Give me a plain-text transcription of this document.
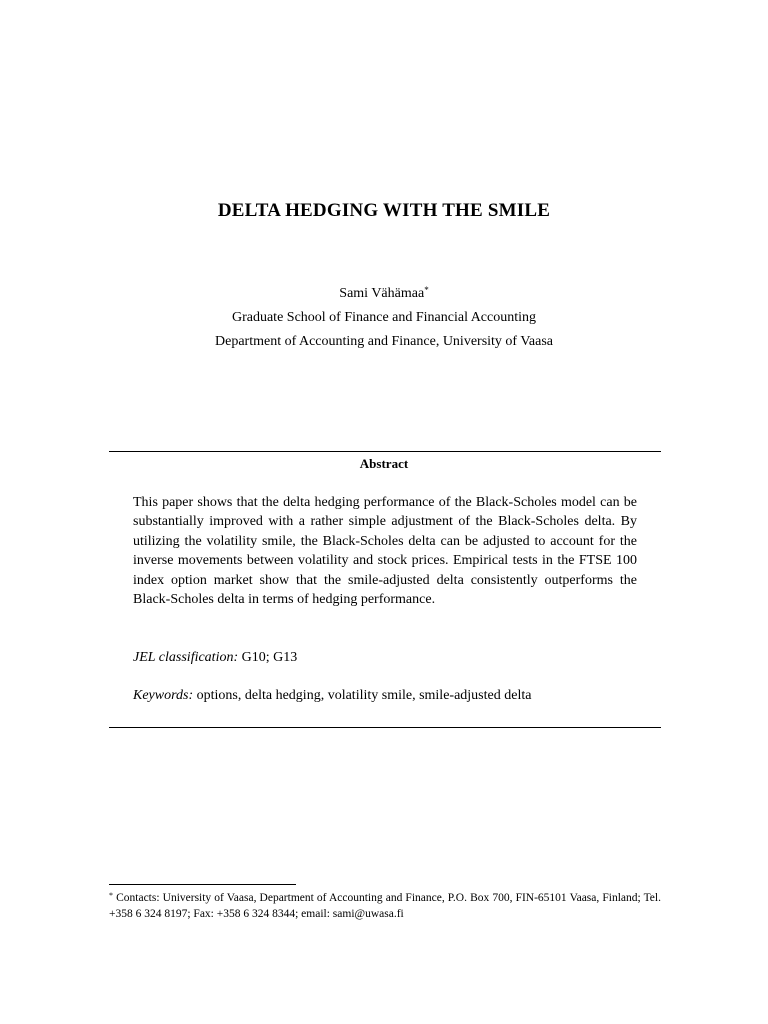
DELTA HEDGING WITH THE SMILE
Sami Vähämaa*
Graduate School of Finance and Financial Accounting
Department of Accounting and Finance, University of Vaasa
Abstract

This paper shows that the delta hedging performance of the Black-Scholes model can be substantially improved with a rather simple adjustment of the Black-Scholes delta. By utilizing the volatility smile, the Black-Scholes delta can be adjusted to account for the inverse movements between volatility and stock prices. Empirical tests in the FTSE 100 index option market show that the smile-adjusted delta consistently outperforms the Black-Scholes delta in terms of hedging performance.

JEL classification: G10; G13

Keywords: options, delta hedging, volatility smile, smile-adjusted delta

* Contacts: University of Vaasa, Department of Accounting and Finance, P.O. Box 700, FIN-65101 Vaasa, Finland; Tel. +358 6 324 8197; Fax: +358 6 324 8344; email: sami@uwasa.fi
